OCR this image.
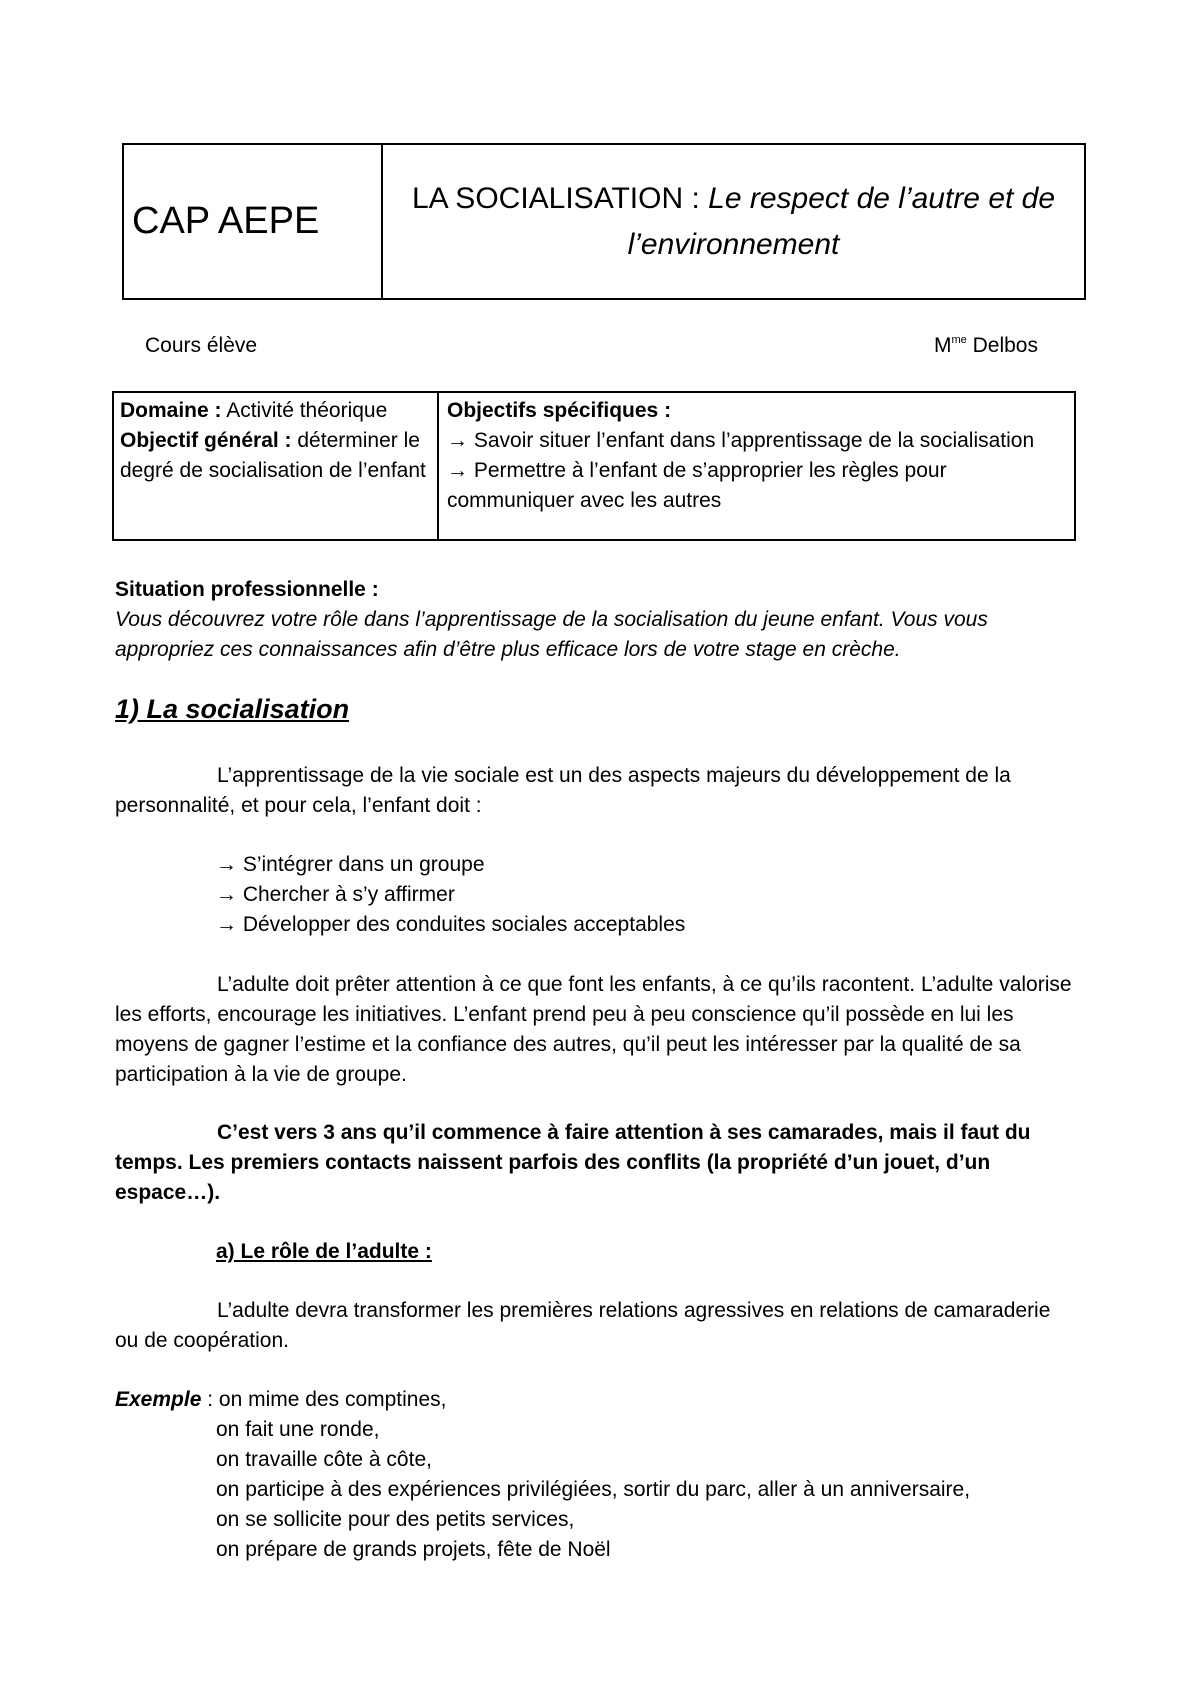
CAP AEPE
LA SOCIALISATION : Le respect de l’autre et de
l’environnement
Cours élève	$M^{me}$ Delbos
Domaine : Activité théorique
Objectif général : déterminer le degré de socialisation de l’enfant
Objectifs spécifiques :
→ Savoir situer l’enfant dans l’apprentissage de la socialisation
→ Permettre à l’enfant de s’approprier les règles pour communiquer avec les autres
Situation professionnelle :
Vous découvrez votre rôle dans l’apprentissage de la socialisation du jeune enfant. Vous vous appropriez ces connaissances afin d’être plus efficace lors de votre stage en crèche.
1) La socialisation
L’apprentissage de la vie sociale est un des aspects majeurs du développement de la personnalité, et pour cela, l’enfant doit :
→ S’intégrer dans un groupe
→ Chercher à s’y affirmer
→ Développer des conduites sociales acceptables
L’adulte doit prêter attention à ce que font les enfants, à ce qu’ils racontent. L’adulte valorise les efforts, encourage les initiatives. L’enfant prend peu à peu conscience qu’il possède en lui les moyens de gagner l’estime et la confiance des autres, qu’il peut les intéresser par la qualité de sa participation à la vie de groupe.
C’est vers 3 ans qu’il commence à faire attention à ses camarades, mais il faut du temps. Les premiers contacts naissent parfois des conflits (la propriété d’un jouet, d’un espace…).
a) Le rôle de l’adulte :
L’adulte devra transformer les premières relations agressives en relations de camaraderie ou de coopération.
Exemple : on mime des comptines,
on fait une ronde,
on travaille côte à côte,
on participe à des expériences privilégiées, sortir du parc, aller à un anniversaire,
on se sollicite pour des petits services,
on prépare de grands projets, fête de Noël
